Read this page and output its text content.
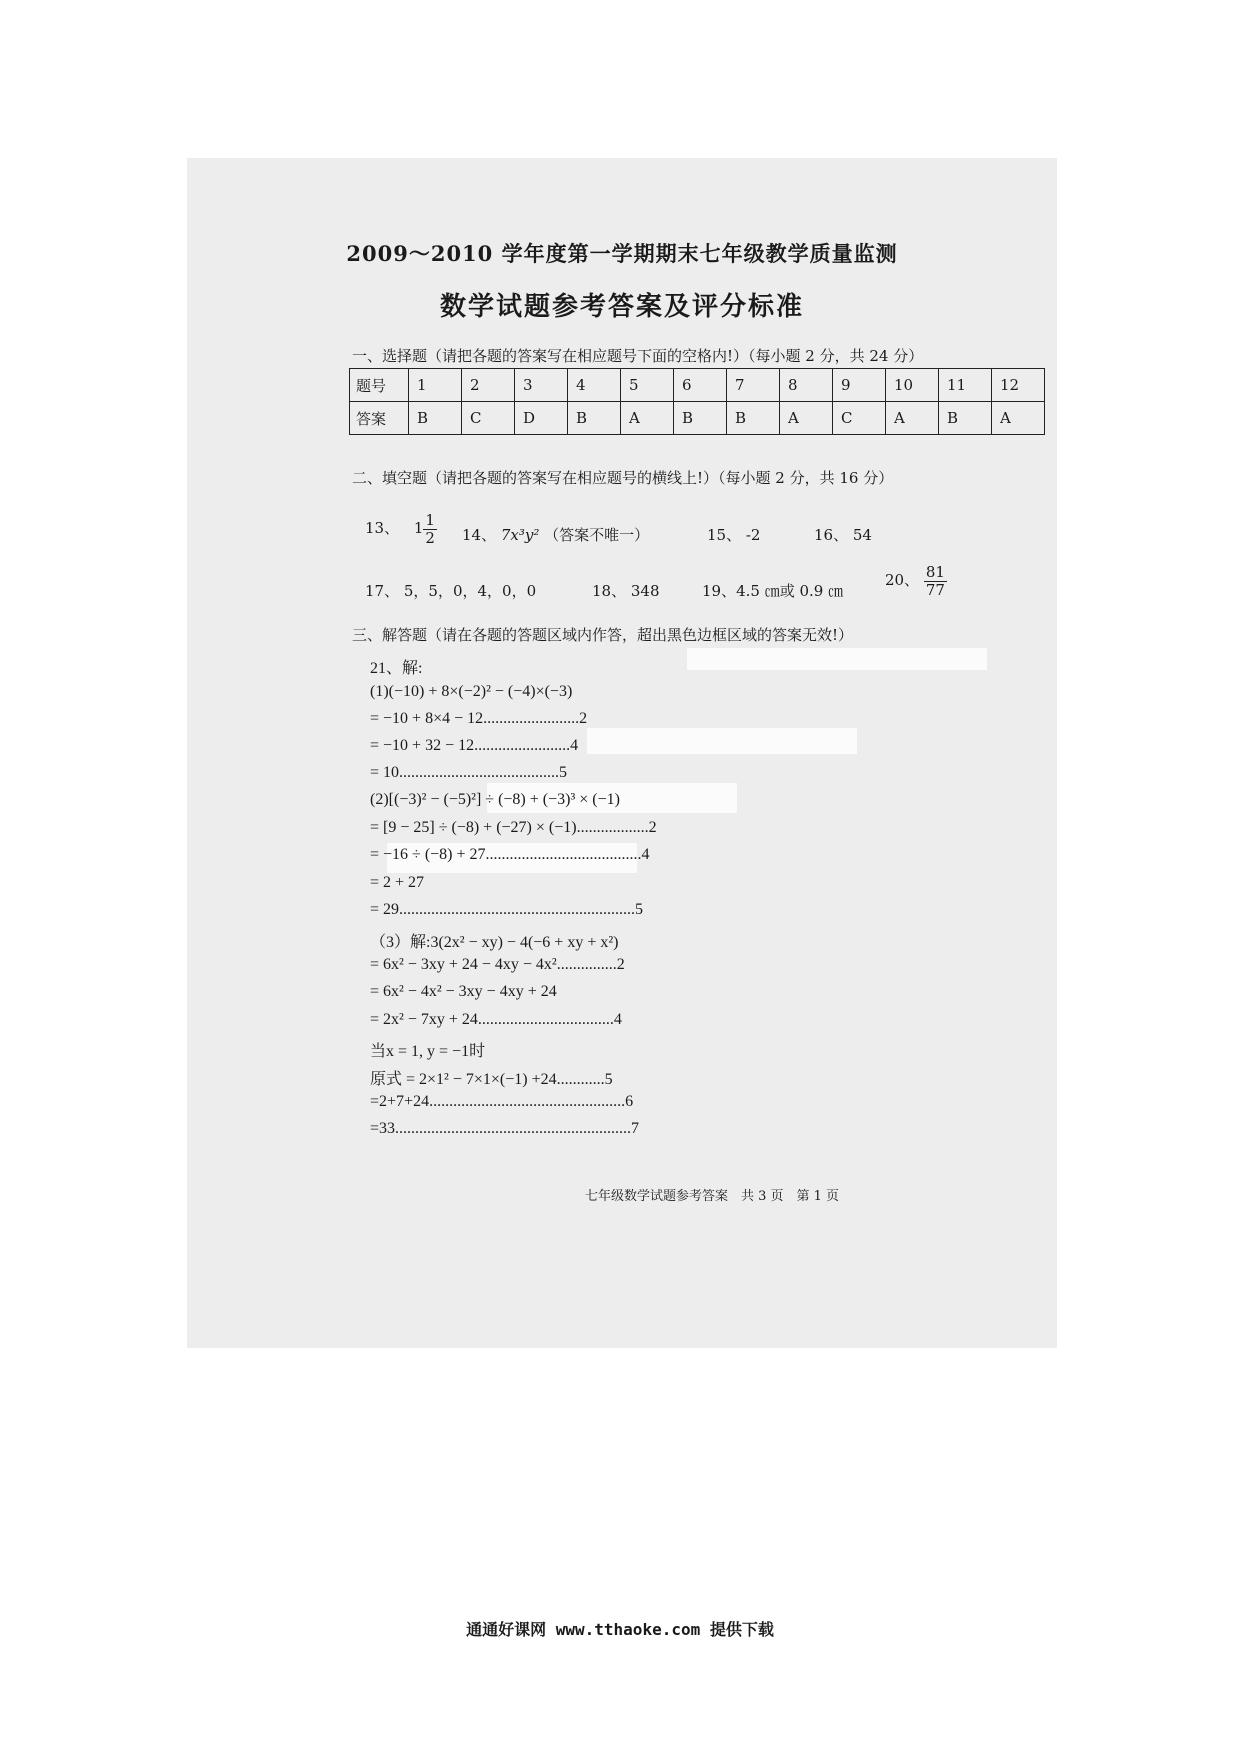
2009～2010 学年度第一学期期末七年级教学质量监测
数学试题参考答案及评分标准
一、选择题（请把各题的答案写在相应题号下面的空格内!）（每小题 2 分，共 24 分）
题号	1	2	3	4	5	6	7	8	9	10	11	12
答案	B	C	D	B	A	B	B	A	C	A	B	A
二、填空题（请把各题的答案写在相应题号的横线上!）（每小题 2 分，共 16 分）
13、 $1 \frac{1}{2} 14$、 7x³y² （答案不唯一）	15、 -2	16、 54
17、 5，5，0，4，0，0	18、 348	19、4.5 ㎝或 0.9 ㎝
20、 $\frac{81}{77}$
三、解答题（请在各题的答题区域内作答，超出黑色边框区域的答案无效!）
21、解:
(1)(−10) + 8×(−2)² − (−4)×(−3)
= −10 + 8×4 − 12........................2
= −10 + 32 − 12........................4
= 10........................................5
(2)[(−3)² − (−5)²] ÷ (−8) + (−3)³ × (−1)
= [9 − 25] ÷ (−8) + (−27) × (−1)..................2
= −16 ÷ (−8) + 27.......................................4
= 2 + 27
= 29...........................................................5
（3）解:3(2x² − xy) − 4(−6 + xy + x²)
= 6x² − 3xy + 24 − 4xy − 4x²...............2
= 6x² − 4x² − 3xy − 4xy + 24
= 2x² − 7xy + 24..................................4
当x = 1, y = −1时
原式 = 2×1² − 7×1×(−1) +24............5
=2+7+24.................................................6
=33...........................................................7
七年级数学试题参考答案　共 3 页　第 1 页
通通好课网 www.tthaoke.com 提供下载
